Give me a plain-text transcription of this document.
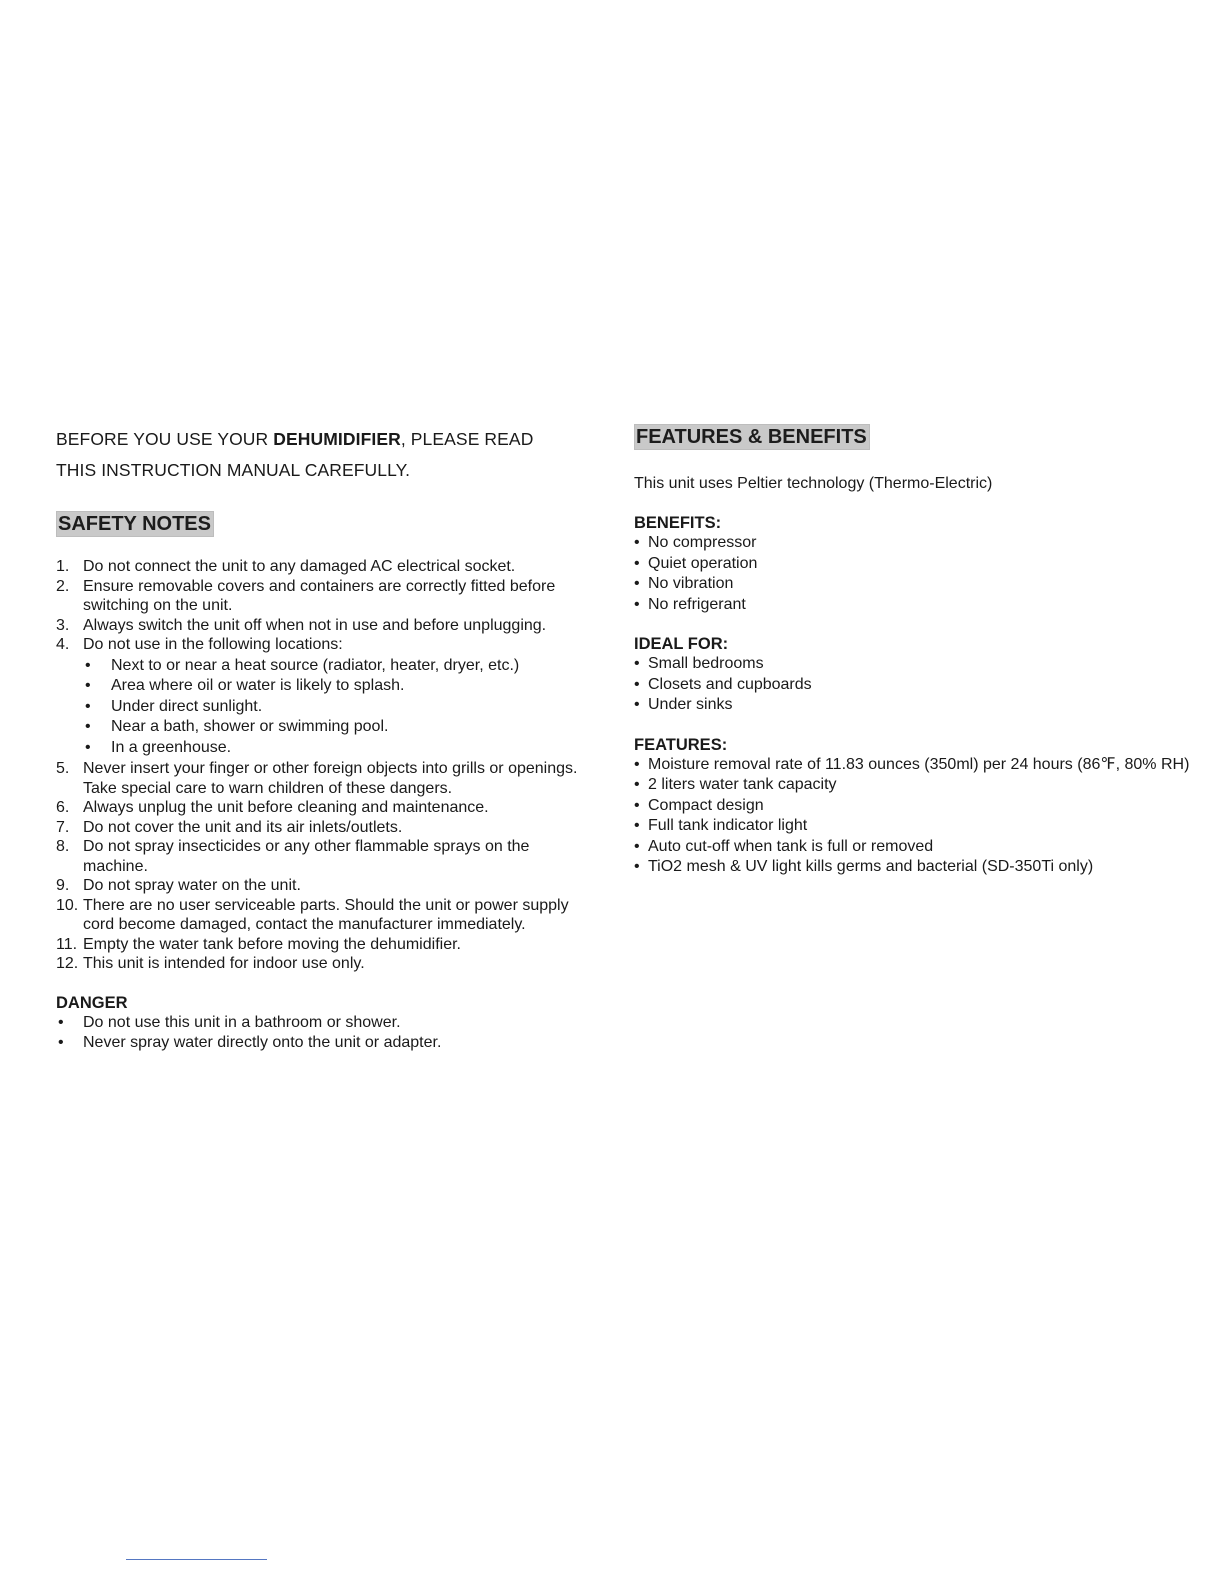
BEFORE YOU USE YOUR DEHUMIDIFIER, PLEASE READ
THIS INSTRUCTION MANUAL CAREFULLY.

SAFETY NOTES
1. Do not connect the unit to any damaged AC electrical socket.
2. Ensure removable covers and containers are correctly fitted before switching on the unit.
3. Always switch the unit off when not in use and before unplugging.
4. Do not use in the following locations:
• Next to or near a heat source (radiator, heater, dryer, etc.)
• Area where oil or water is likely to splash.
• Under direct sunlight.
• Near a bath, shower or swimming pool.
• In a greenhouse.
5. Never insert your finger or other foreign objects into grills or openings. Take special care to warn children of these dangers.
6. Always unplug the unit before cleaning and maintenance.
7. Do not cover the unit and its air inlets/outlets.
8. Do not spray insecticides or any other flammable sprays on the machine.
9. Do not spray water on the unit.
10. There are no user serviceable parts. Should the unit or power supply cord become damaged, contact the manufacturer immediately.
11. Empty the water tank before moving the dehumidifier.
12. This unit is intended for indoor use only.

DANGER

• Do not use this unit in a bathroom or shower.
• Never spray water directly onto the unit or adapter.
FEATURES & BENEFITS

This unit uses Peltier technology (Thermo-Electric)

BENEFITS:

• No compressor
• Quiet operation
• No vibration
• No refrigerant

IDEAL FOR:

• Small bedrooms
• Closets and cupboards
• Under sinks

FEATURES:

• Moisture removal rate of 11.83 ounces (350ml) per 24 hours (86℉, 80% RH)
• 2 liters water tank capacity
• Compact design
• Full tank indicator light
• Auto cut-off when tank is full or removed
• TiO2 mesh & UV light kills germs and bacterial (SD-350Ti only)
